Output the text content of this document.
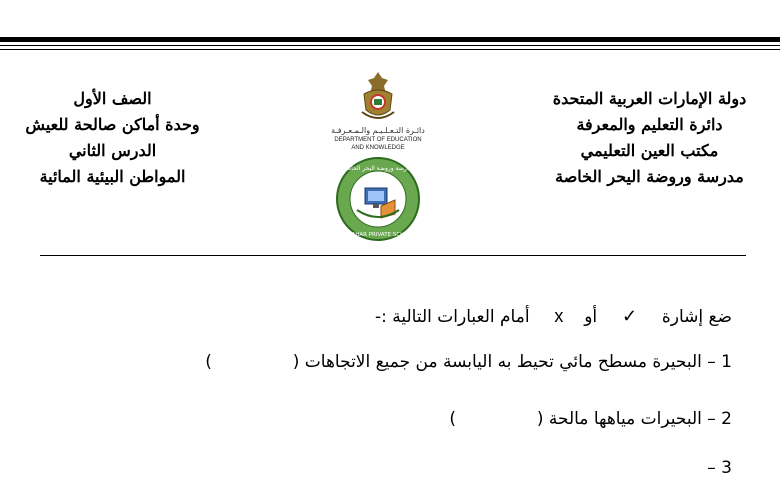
دولة الإمارات العربية المتحدة
دائرة التعليم والمعرفة
مكتب العين التعليمي
مدرسة وروضة اليحر الخاصة
دائـرة التـعـلـيـم والـمـعـرفـة
DEPARTMENT OF EDUCATION
AND KNOWLEDGE
مدرسة وروضة اليحر الخاصة
AL YAHAR PRIVATE SCHOOL
الصف الأول
وحدة أماكن صالحة للعيش
الدرس الثاني
المواطن البيئية المائية
ضع إشارة  ✓  أو  x  أمام العبارات التالية :-
1 – البحيرة مسطح مائي تحيط به اليابسة من جميع الاتجاهات (  )
2 – البحيرات مياهها مالحة (  )
3 –
